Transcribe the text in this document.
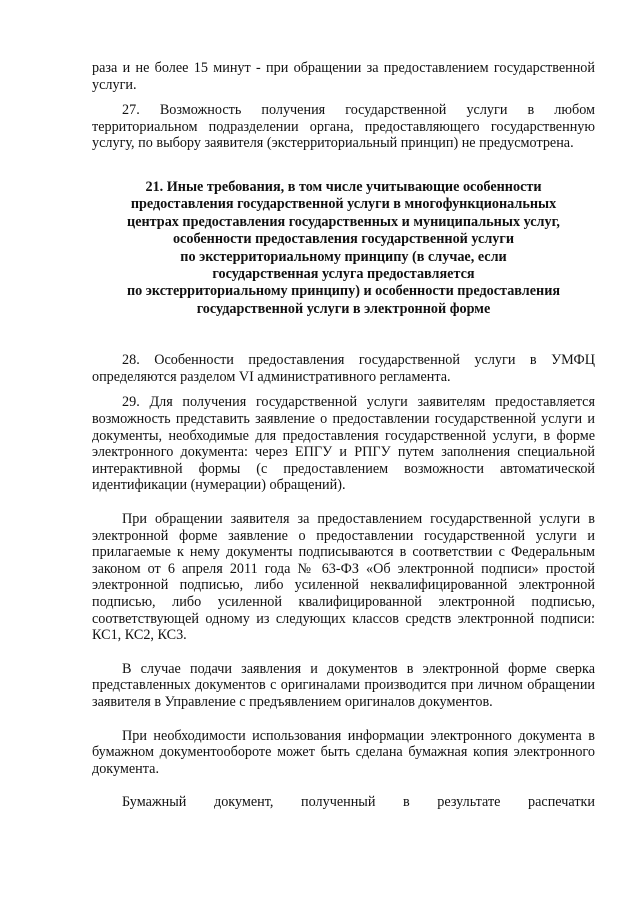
раза и не более 15 минут - при обращении за предоставлением государственной услуги.

27. Возможность получения государственной услуги в любом территориальном подразделении органа, предоставляющего государственную услугу, по выбору заявителя (экстерриториальный принцип) не предусмотрена.

21. Иные требования, в том числе учитывающие особенности
предоставления государственной услуги в многофункциональных
центрах предоставления государственных и муниципальных услуг,
особенности предоставления государственной услуги
по экстерриториальному принципу (в случае, если
государственная услуга предоставляется
по экстерриториальному принципу) и особенности предоставления
государственной услуги в электронной форме

28. Особенности предоставления государственной услуги в УМФЦ определяются разделом VI административного регламента.

29. Для получения государственной услуги заявителям предоставляется возможность представить заявление о предоставлении государственной услуги и документы, необходимые для предоставления государственной услуги, в форме электронного документа: через ЕПГУ и РПГУ путем заполнения специальной интерактивной формы (с предоставлением возможности автоматической идентификации (нумерации) обращений).

При обращении заявителя за предоставлением государственной услуги в электронной форме заявление о предоставлении государственной услуги и прилагаемые к нему документы подписываются в соответствии с Федеральным законом от 6 апреля 2011 года № 63-ФЗ «Об электронной подписи» простой электронной подписью, либо усиленной неквалифицированной электронной подписью, либо усиленной квалифицированной электронной подписью, соответствующей одному из следующих классов средств электронной подписи: КС1, КС2, КС3.

В случае подачи заявления и документов в электронной форме сверка представленных документов с оригиналами производится при личном обращении заявителя в Управление с предъявлением оригиналов документов.

При необходимости использования информации электронного документа в бумажном документообороте может быть сделана бумажная копия электронного документа.

Бумажный документ, полученный в результате распечатки
